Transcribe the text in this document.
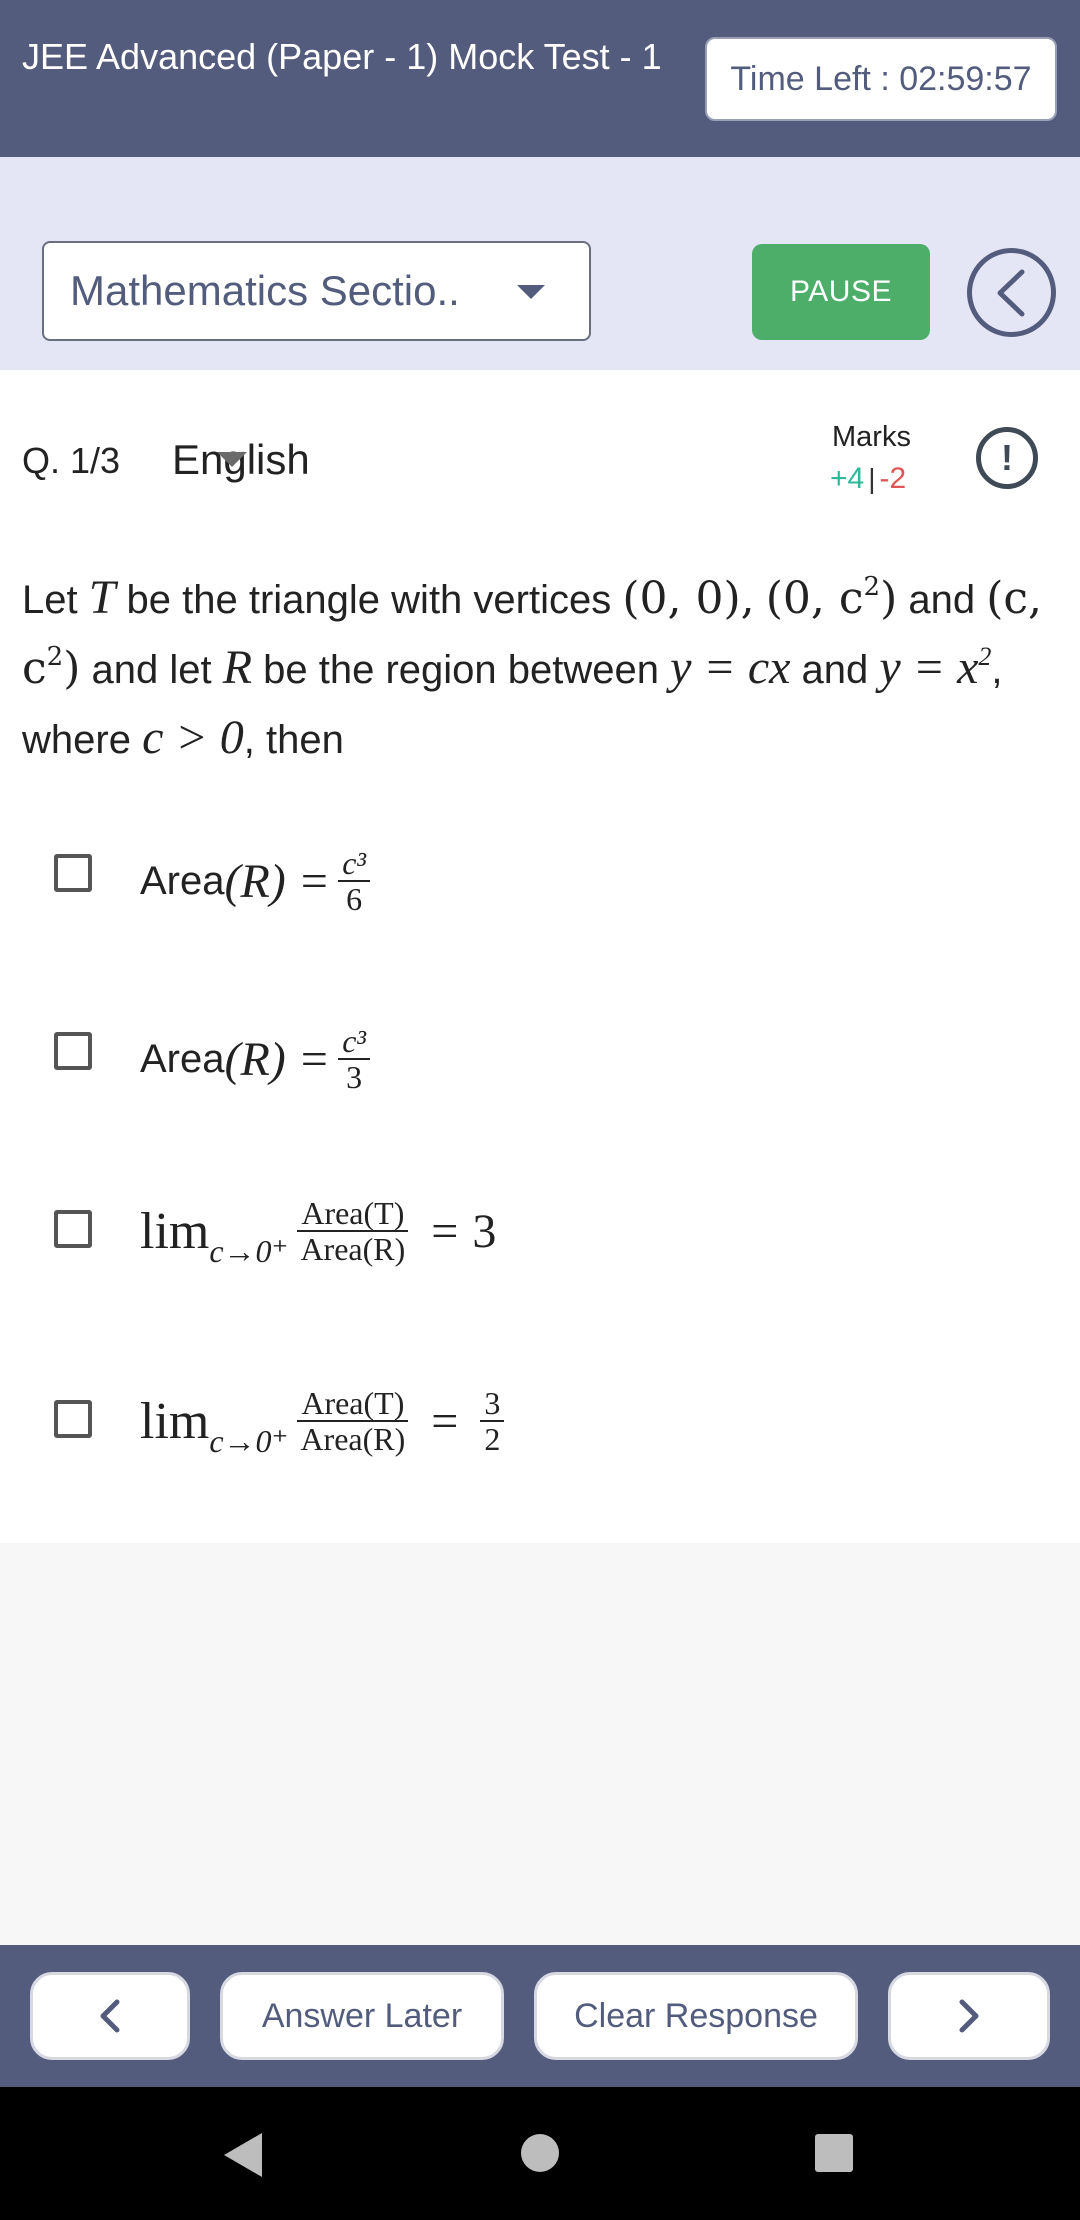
JEE Advanced (Paper - 1) Mock Test - 1
Time Left : 02:59:57
Mathematics Sectio..	PAUSE
Q. 1/3 English	Marks
+4 | -2
!
Let T be the triangle with vertices (0, 0), (0, $c^2$) and (c, $c^2$) and let R be the region between y = cx and $y = x^2$, where c > 0, then
Area $(R) = \frac{\text{c³}}{6}$
Area $(R) = \frac{\text{c³}}{3}$
$\lim_{c\to 0^+} \frac{\text{Area(T)}}{\text{Area(R)}} = 3$
$\lim_{c\to 0^+} \frac{\text{Area(T)}}{\text{Area(R)}} = \frac{3}{2}$
Answer Later	Clear Response
